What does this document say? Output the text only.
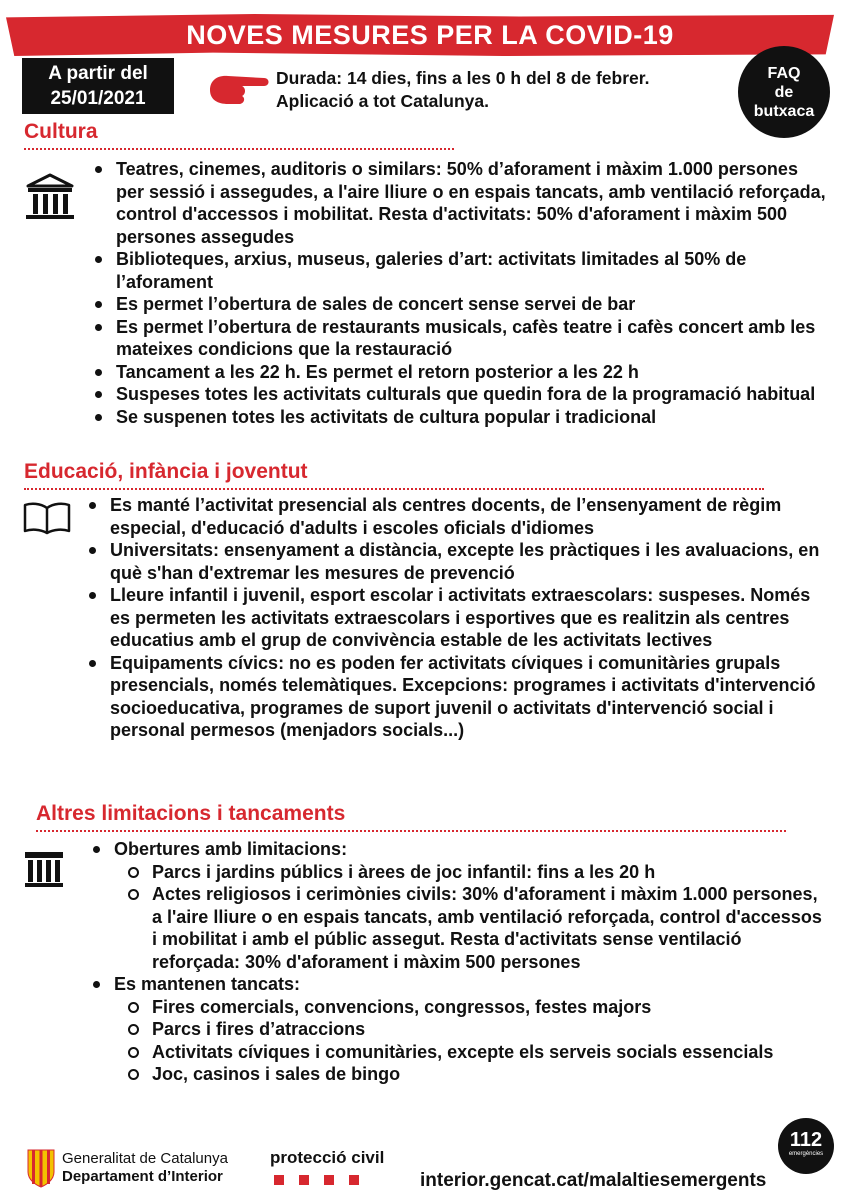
NOVES MESURES PER LA COVID-19
A partir del
25/01/2021
Durada: 14 dies, fins a les 0 h del 8 de febrer.
Aplicació a tot Catalunya.
FAQ
de
butxaca
Cultura
Teatres, cinemes, auditoris o similars: 50% d’aforament i màxim 1.000 persones per sessió i assegudes, a l'aire lliure o en espais tancats, amb ventilació reforçada, control d'accessos i mobilitat. Resta d'activitats: 50% d'aforament i màxim 500 persones assegudes
Biblioteques, arxius, museus, galeries d’art: activitats limitades al 50% de l’aforament
Es permet l’obertura de sales de concert sense servei de bar
Es permet l’obertura de restaurants musicals, cafès teatre i cafès concert amb les mateixes condicions que la restauració
Tancament a les 22 h. Es permet el retorn posterior a les 22 h
Suspeses totes les activitats culturals que quedin fora de la programació habitual
Se suspenen totes les activitats de cultura popular i tradicional
Educació, infància i joventut
Es manté l’activitat presencial als centres docents, de l’ensenyament de règim especial, d'educació d'adults i escoles oficials d'idiomes
Universitats: ensenyament a distància, excepte les pràctiques i les avaluacions, en què s'han d'extremar les mesures de prevenció
Lleure infantil i juvenil, esport escolar i activitats extraescolars: suspeses. Només es permeten les activitats extraescolars i esportives que es realitzin als centres educatius amb el grup de convivència estable de les activitats lectives
Equipaments cívics: no es poden fer activitats cíviques i comunitàries grupals presencials, només telemàtiques. Excepcions: programes i activitats d'intervenció socioeducativa, programes de suport juvenil o activitats d'intervenció social i personal permesos (menjadors socials...)
Altres limitacions i tancaments
Obertures amb limitacions:
Parcs i jardins públics i àrees de joc infantil: fins a les 20 h
Actes religiosos i cerimònies civils: 30% d'aforament i màxim 1.000 persones, a l'aire lliure o en espais tancats, amb ventilació reforçada, control d'accessos i mobilitat i amb el públic assegut. Resta d'activitats sense ventilació reforçada: 30% d'aforament i màxim 500 persones
Es mantenen tancats:
Fires comercials, convencions, congressos, festes majors
Parcs i fires d’atraccions
Activitats cíviques i comunitàries, excepte els serveis socials essencials
Joc, casinos i sales de bingo
112
emergències
Generalitat de Catalunya
Departament d’Interior
protecció civil
interior.gencat.cat/malaltiesemergents
